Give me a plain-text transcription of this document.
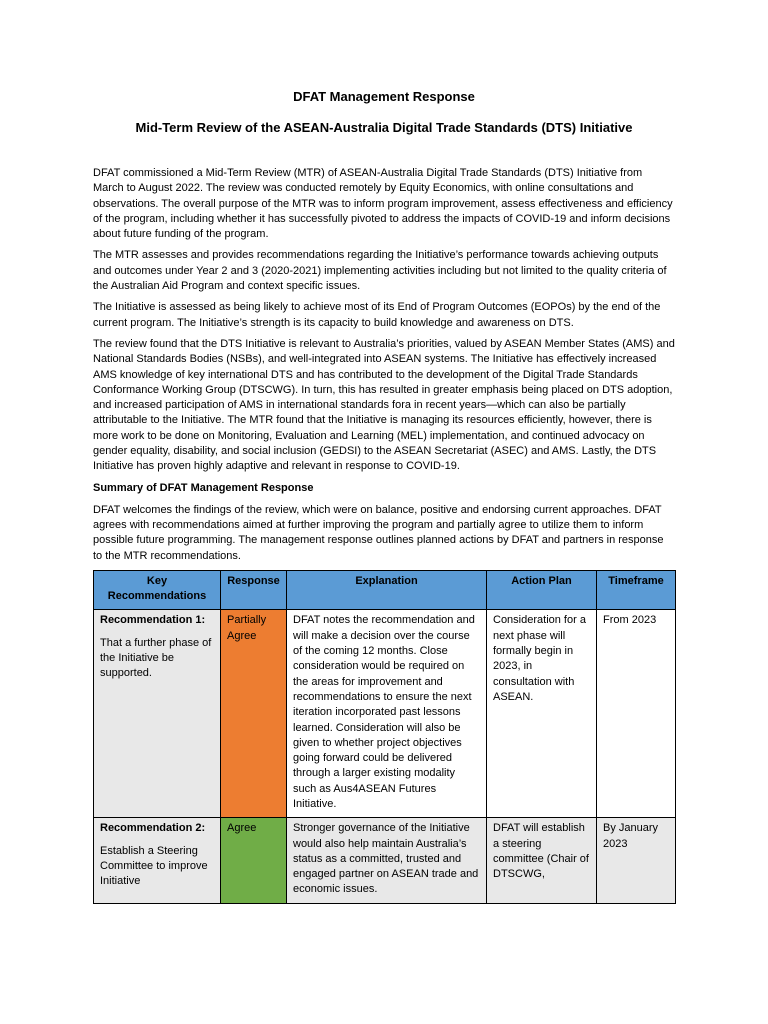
DFAT Management Response
Mid-Term Review of the ASEAN-Australia Digital Trade Standards (DTS) Initiative

DFAT commissioned a Mid-Term Review (MTR) of ASEAN-Australia Digital Trade Standards (DTS) Initiative from March to August 2022. The review was conducted remotely by Equity Economics, with online consultations and observations. The overall purpose of the MTR was to inform program improvement, assess effectiveness and efficiency of the program, including whether it has successfully pivoted to address the impacts of COVID-19 and inform decisions about future funding of the program.

The MTR assesses and provides recommendations regarding the Initiative’s performance towards achieving outputs and outcomes under Year 2 and 3 (2020-2021) implementing activities including but not limited to the quality criteria of the Australian Aid Program and context specific issues.

The Initiative is assessed as being likely to achieve most of its End of Program Outcomes (EOPOs) by the end of the current program. The Initiative’s strength is its capacity to build knowledge and awareness on DTS.

The review found that the DTS Initiative is relevant to Australia’s priorities, valued by ASEAN Member States (AMS) and National Standards Bodies (NSBs), and well-integrated into ASEAN systems. The Initiative has effectively increased AMS knowledge of key international DTS and has contributed to the development of the Digital Trade Standards Conformance Working Group (DTSCWG). In turn, this has resulted in greater emphasis being placed on DTS adoption, and increased participation of AMS in international standards fora in recent years—which can also be partially attributable to the Initiative. The MTR found that the Initiative is managing its resources efficiently, however, there is more work to be done on Monitoring, Evaluation and Learning (MEL) implementation, and continued advocacy on gender equality, disability, and social inclusion (GEDSI) to the ASEAN Secretariat (ASEC) and AMS. Lastly, the DTS Initiative has proven highly adaptive and relevant in response to COVID-19.

Summary of DFAT Management Response

DFAT welcomes the findings of the review, which were on balance, positive and endorsing current approaches. DFAT agrees with recommendations aimed at further improving the program and partially agree to utilize them to inform possible future programming. The management response outlines planned actions by DFAT and partners in response to the MTR recommendations.

Key Recommendations	Response	Explanation	Action Plan	Timeframe

Recommendation 1:
That a further phase of the Initiative be supported.	Partially Agree	DFAT notes the recommendation and will make a decision over the course of the coming 12 months. Close consideration would be required on the areas for improvement and recommendations to ensure the next iteration incorporated past lessons learned. Consideration will also be given to whether project objectives going forward could be delivered through a larger existing modality such as Aus4ASEAN Futures Initiative.	Consideration for a next phase will formally begin in 2023, in consultation with ASEAN.	From 2023

Recommendation 2:
Establish a Steering Committee to improve Initiative	Agree	Stronger governance of the Initiative would also help maintain Australia’s status as a committed, trusted and engaged partner on ASEAN trade and economic issues.	DFAT will establish a steering committee (Chair of DTSCWG,	By January 2023
